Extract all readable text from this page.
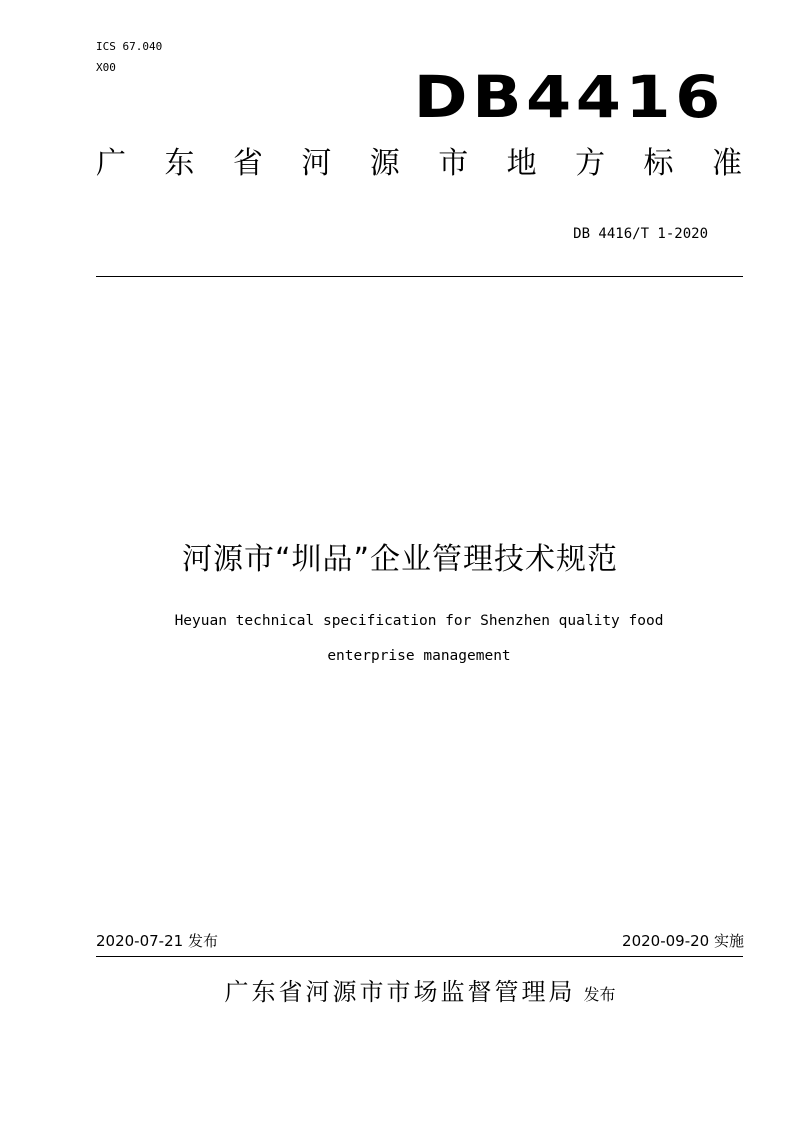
ICS 67.040
X00	DB4416
广 东 省 河 源 市 地 方 标 准
DB 4416/T 1-2020
河源市“圳品”企业管理技术规范
Heyuan technical specification for Shenzhen quality food
enterprise management
2020-07-21 发布	2020-09-20 实施
广东省河源市市场监督管理局 发布
